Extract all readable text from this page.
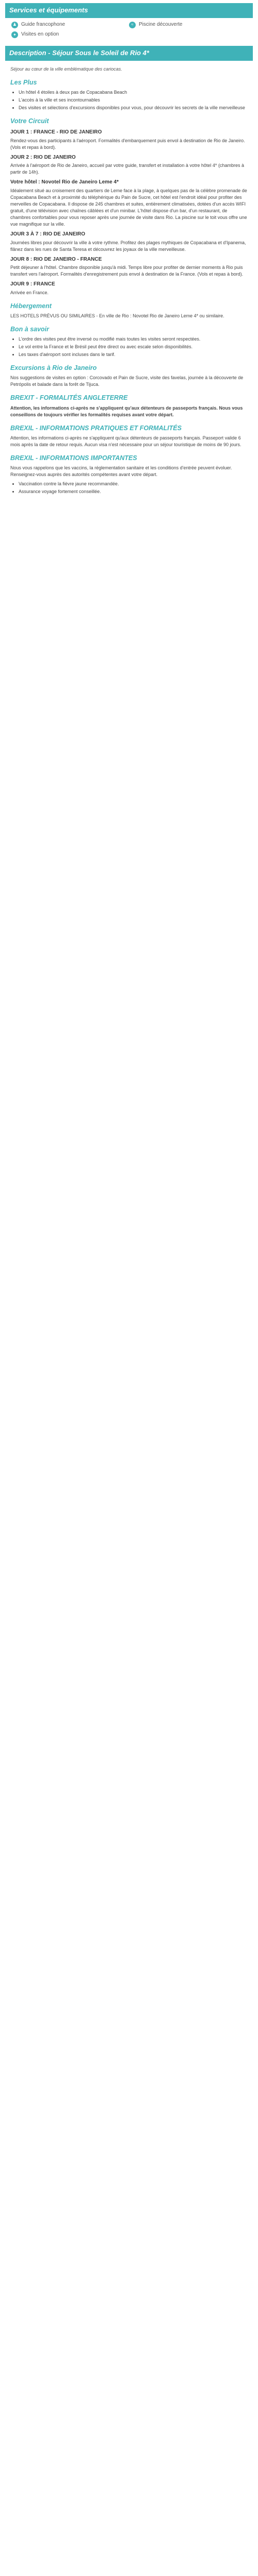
Services et équipements
♟ Guide francophone	≈	Piscine découverte
✦ Visites en option
Description - Séjour Sous le Soleil de Rio 4*
Séjour au cœur de la ville emblématique des cariocas.
Les Plus
• Un hôtel 4 étoiles à deux pas de Copacabana Beach
• L'accès à la ville et ses incontournables
• Des visites et sélections d'excursions disponibles pour vous, pour découvrir les secrets de la ville merveilleuse
Votre Circuit
JOUR 1 : FRANCE - RIO DE JANEIRO

Rendez-vous des participants à l'aéroport. Formalités d'embarquement puis envol à destination de Rio de Janeiro. (Vols et repas à bord).

JOUR 2 : RIO DE JANEIRO

Arrivée à l'aéroport de Rio de Janeiro, accueil par votre guide, transfert et installation à votre hôtel 4* (chambres à partir de 14h).

Votre hôtel : Novotel Rio de Janeiro Leme 4*

Idéalement situé au croisement des quartiers de Leme face à la plage, à quelques pas de la célèbre promenade de Copacabana Beach et à proximité du téléphérique du Pain de Sucre, cet hôtel est l'endroit idéal pour profiter des merveilles de Copacabana. Il dispose de 245 chambres et suites, entièrement climatisées, dotées d'un accès WIFI gratuit, d'une télévision avec chaînes câblées et d'un minibar. L'hôtel dispose d'un bar, d'un restaurant, de chambres confortables pour vous reposer après une journée de visite dans Rio. La piscine sur le toit vous offre une vue magnifique sur la ville.

JOUR 3 À 7 : RIO DE JANEIRO

Journées libres pour découvrir la ville à votre rythme. Profitez des plages mythiques de Copacabana et d'Ipanema, flânez dans les rues de Santa Teresa et découvrez les joyaux de la ville merveilleuse.

JOUR 8 : RIO DE JANEIRO - FRANCE

Petit déjeuner à l'hôtel. Chambre disponible jusqu'à midi. Temps libre pour profiter de dernier moments à Rio puis transfert vers l'aéroport. Formalités d'enregistrement puis envol à destination de la France. (Vols et repas à bord).

JOUR 9 : FRANCE

Arrivée en France.

Hébergement

LES HOTELS PRÉVUS OU SIMILAIRES - En ville de Rio : Novotel Rio de Janeiro Leme 4* ou similaire.

Bon à savoir
• L'ordre des visites peut être inversé ou modifié mais toutes les visites seront respectées.
• Le vol entre la France et le Brésil peut être direct ou avec escale selon disponibilités.
• Les taxes d'aéroport sont incluses dans le tarif.
Excursions à Rio de Janeiro

Nos suggestions de visites en option : Corcovado et Pain de Sucre, visite des favelas, journée à la découverte de Petrópolis et balade dans la forêt de Tijuca.

BREXIT - FORMALITÉS ANGLETERRE

Attention, les informations ci-après ne s'appliquent qu'aux détenteurs de passeports français. Nous vous conseillons de toujours vérifier les formalités requises avant votre départ.

BREXIL - INFORMATIONS PRATIQUES ET FORMALITÉS

Attention, les informations ci-après ne s'appliquent qu'aux détenteurs de passeports français. Passeport valide 6 mois après la date de retour requis. Aucun visa n'est nécessaire pour un séjour touristique de moins de 90 jours.

BREXIL - INFORMATIONS IMPORTANTES

Nous vous rappelons que les vaccins, la réglementation sanitaire et les conditions d'entrée peuvent évoluer. Renseignez-vous auprès des autorités compétentes avant votre départ.

• Vaccination contre la fièvre jaune recommandée.
• Assurance voyage fortement conseillée.
